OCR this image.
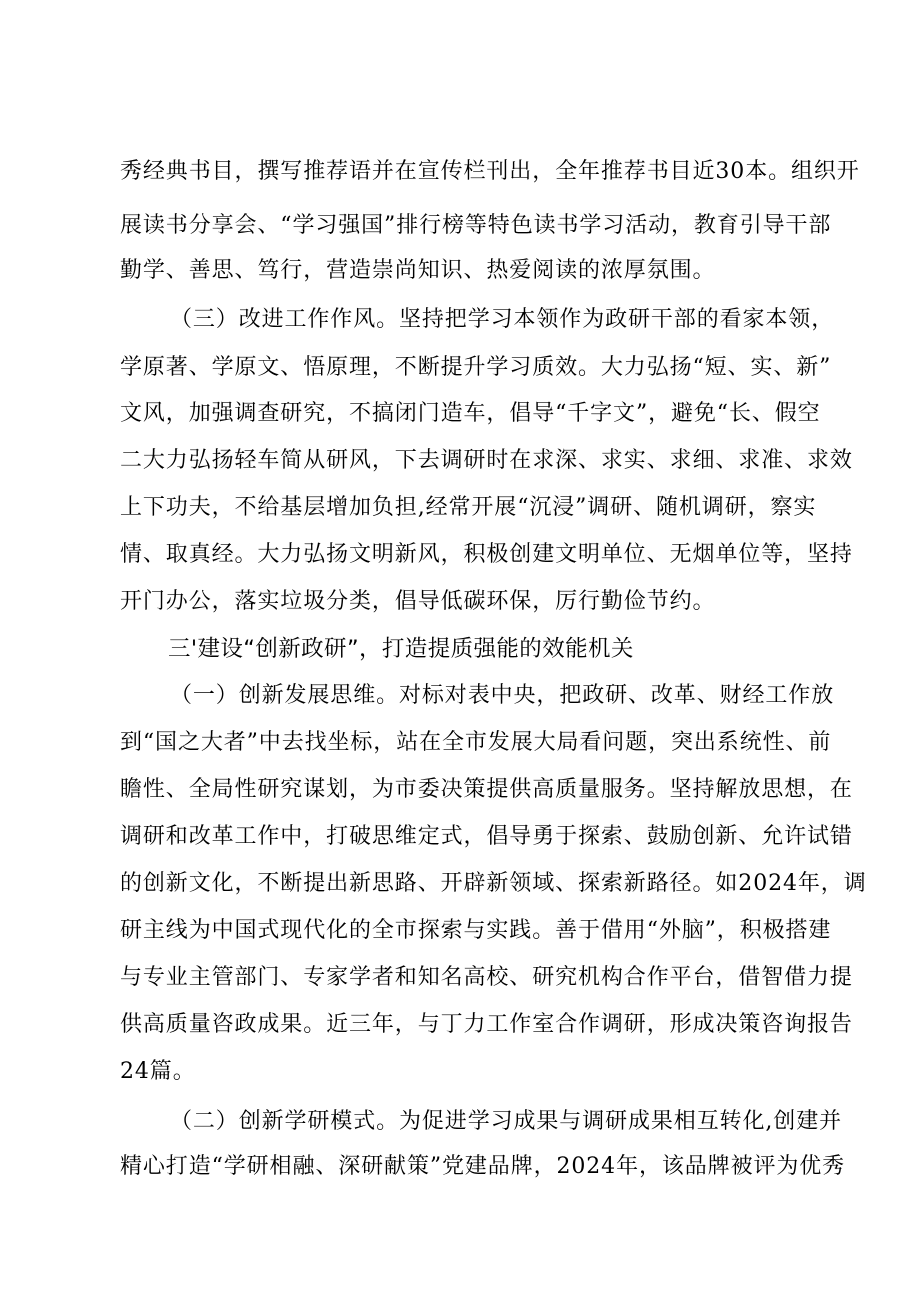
秀经典书目，撰写推荐语并在宣传栏刊出，全年推荐书目近30本。组织开
展读书分享会、“学习强国”排行榜等特色读书学习活动，教育引导干部
勤学、善思、笃行，营造崇尚知识、热爱阅读的浓厚氛围。
（三）改进工作作风。坚持把学习本领作为政研干部的看家本领，
学原著、学原文、悟原理，不断提升学习质效。大力弘扬“短、实、新”
文风，加强调查研究，不搞闭门造车，倡导“千字文”，避免“长、假空
二大力弘扬轻车简从研风，下去调研时在求深、求实、求细、求准、求效
上下功夫，不给基层增加负担,经常开展“沉浸”调研、随机调研，察实
情、取真经。大力弘扬文明新风，积极创建文明单位、无烟单位等，坚持
开门办公，落实垃圾分类，倡导低碳环保，厉行勤俭节约。
三'建设“创新政研”，打造提质强能的效能机关
（一）创新发展思维。对标对表中央，把政研、改革、财经工作放
到“国之大者”中去找坐标，站在全市发展大局看问题，突出系统性、前
瞻性、全局性研究谋划，为市委决策提供高质量服务。坚持解放思想，在
调研和改革工作中，打破思维定式，倡导勇于探索、鼓励创新、允许试错
的创新文化，不断提出新思路、开辟新领域、探索新路径。如2024年，调
研主线为中国式现代化的全市探索与实践。善于借用“外脑”，积极搭建
与专业主管部门、专家学者和知名高校、研究机构合作平台，借智借力提
供高质量咨政成果。近三年，与丁力工作室合作调研，形成决策咨询报告
24篇。
（二）创新学研模式。为促进学习成果与调研成果相互转化,创建并
精心打造“学研相融、深研献策”党建品牌，2024年，该品牌被评为优秀
